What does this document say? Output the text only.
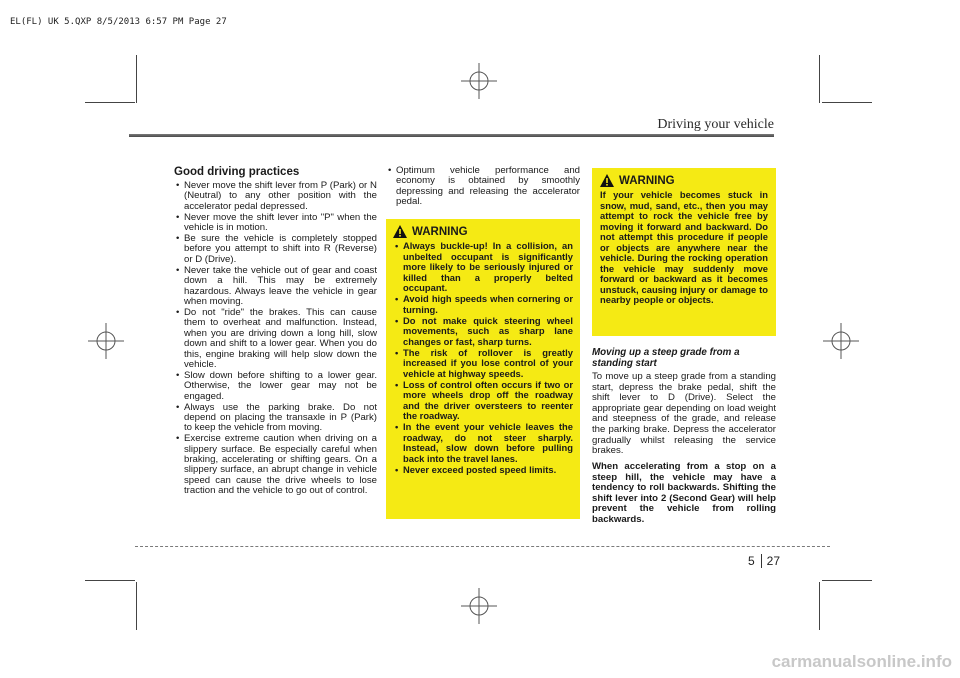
EL(FL) UK 5.QXP 8/5/2013 6:57 PM Page 27
Driving your vehicle
Good driving practices
• Never move the shift lever from P (Park) or N (Neutral) to any other position with the accelerator pedal depressed.
• Never move the shift lever into "P" when the vehicle is in motion.
• Be sure the vehicle is completely stopped before you attempt to shift into R (Reverse) or D (Drive).
• Never take the vehicle out of gear and coast down a hill. This may be extremely hazardous. Always leave the vehicle in gear when moving.
• Do not "ride" the brakes. This can cause them to overheat and malfunction. Instead, when you are driving down a long hill, slow down and shift to a lower gear. When you do this, engine braking will help slow down the vehicle.
• Slow down before shifting to a lower gear. Otherwise, the lower gear may not be engaged.
• Always use the parking brake. Do not depend on placing the transaxle in P (Park) to keep the vehicle from moving.
• Exercise extreme caution when driving on a slippery surface. Be especially careful when braking, accelerating or shifting gears. On a slippery surface, an abrupt change in vehicle speed can cause the drive wheels to lose traction and the vehicle to go out of control.
• Optimum vehicle performance and economy is obtained by smoothly depressing and releasing the accelerator pedal.
WARNING
• Always buckle-up! In a collision, an unbelted occupant is significantly more likely to be seriously injured or killed than a properly belted occupant.
• Avoid high speeds when cornering or turning.
• Do not make quick steering wheel movements, such as sharp lane changes or fast, sharp turns.
• The risk of rollover is greatly increased if you lose control of your vehicle at highway speeds.
• Loss of control often occurs if two or more wheels drop off the roadway and the driver oversteers to reenter the roadway.
• In the event your vehicle leaves the roadway, do not steer sharply. Instead, slow down before pulling back into the travel lanes.
• Never exceed posted speed limits.
WARNING

If your vehicle becomes stuck in snow, mud, sand, etc., then you may attempt to rock the vehicle free by moving it forward and backward. Do not attempt this procedure if people or objects are anywhere near the vehicle. During the rocking operation the vehicle may suddenly move forward or backward as it becomes unstuck, causing injury or damage to nearby people or objects.

Moving up a steep grade from a standing start

To move up a steep grade from a standing start, depress the brake pedal, shift the shift lever to D (Drive). Select the appropriate gear depending on load weight and steepness of the grade, and release the parking brake. Depress the accelerator gradually whilst releasing the service brakes.

When accelerating from a stop on a steep hill, the vehicle may have a tendency to roll backwards. Shifting the shift lever into 2 (Second Gear) will help prevent the vehicle from rolling backwards.

5 27
carmanualsonline.info
